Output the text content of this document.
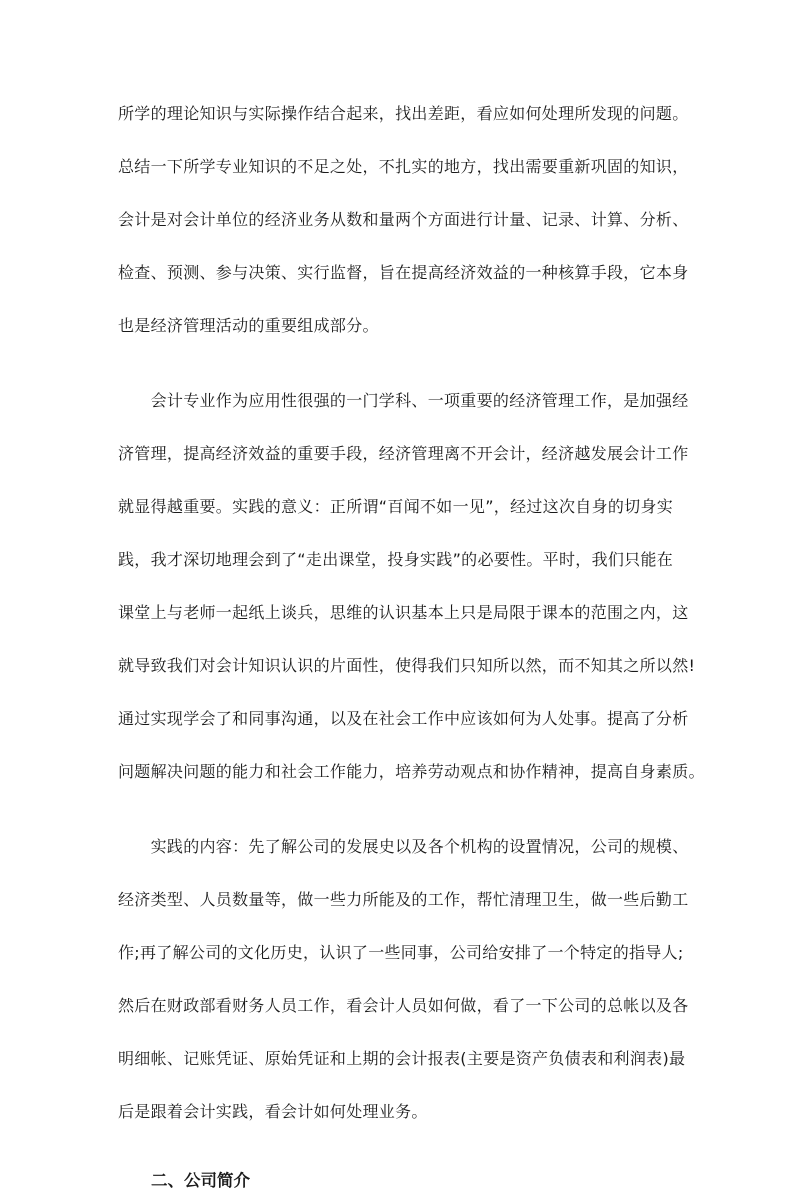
所学的理论知识与实际操作结合起来，找出差距，看应如何处理所发现的问题。
总结一下所学专业知识的不足之处，不扎实的地方，找出需要重新巩固的知识，
会计是对会计单位的经济业务从数和量两个方面进行计量、记录、计算、分析、
检查、预测、参与决策、实行监督，旨在提高经济效益的一种核算手段，它本身
也是经济管理活动的重要组成部分。
　　会计专业作为应用性很强的一门学科、一项重要的经济管理工作，是加强经
济管理，提高经济效益的重要手段，经济管理离不开会计，经济越发展会计工作
就显得越重要。实践的意义：正所谓“百闻不如一见”，经过这次自身的切身实
践，我才深切地理会到了“走出课堂，投身实践”的必要性。平时，我们只能在
课堂上与老师一起纸上谈兵，思维的认识基本上只是局限于课本的范围之内，这
就导致我们对会计知识认识的片面性，使得我们只知所以然，而不知其之所以然!
通过实现学会了和同事沟通，以及在社会工作中应该如何为人处事。提高了分析
问题解决问题的能力和社会工作能力，培养劳动观点和协作精神，提高自身素质。
　　实践的内容：先了解公司的发展史以及各个机构的设置情况，公司的规模、
经济类型、人员数量等，做一些力所能及的工作，帮忙清理卫生，做一些后勤工
作;再了解公司的文化历史，认识了一些同事，公司给安排了一个特定的指导人;
然后在财政部看财务人员工作，看会计人员如何做，看了一下公司的总帐以及各
明细帐、记账凭证、原始凭证和上期的会计报表(主要是资产负债表和利润表)最
后是跟着会计实践，看会计如何处理业务。
二、公司简介
